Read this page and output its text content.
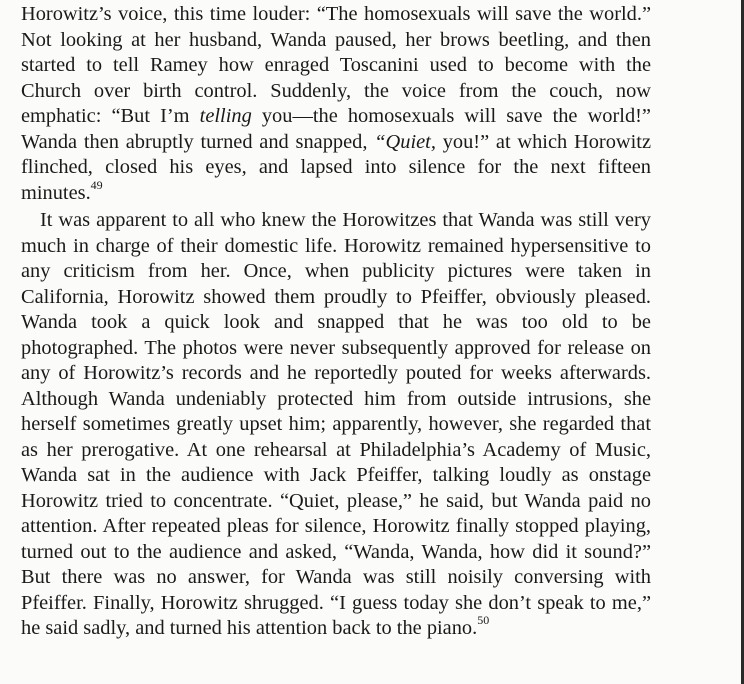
Horowitz’s voice, this time louder: “The homosexuals will save the world.” Not looking at her husband, Wanda paused, her brows beetling, and then started to tell Ramey how enraged Toscanini used to become with the Church over birth control. Suddenly, the voice from the couch, now emphatic: “But I’m telling you—the homosexuals will save the world!” Wanda then abruptly turned and snapped, “Quiet, you!” at which Horowitz flinched, closed his eyes, and lapsed into silence for the next fifteen minutes.$^{49}$

It was apparent to all who knew the Horowitzes that Wanda was still very much in charge of their domestic life. Horowitz remained hypersensitive to any criticism from her. Once, when publicity pictures were taken in California, Horowitz showed them proudly to Pfeiffer, obviously pleased. Wanda took a quick look and snapped that he was too old to be photographed. The photos were never subsequently approved for release on any of Horowitz’s records and he reportedly pouted for weeks afterwards. Although Wanda undeniably protected him from outside intrusions, she herself sometimes greatly upset him; apparently, however, she regarded that as her prerogative. At one rehearsal at Philadelphia’s Academy of Music, Wanda sat in the audience with Jack Pfeiffer, talking loudly as onstage Horowitz tried to concentrate. “Quiet, please,” he said, but Wanda paid no attention. After repeated pleas for silence, Horowitz finally stopped playing, turned out to the audience and asked, “Wanda, Wanda, how did it sound?” But there was no answer, for Wanda was still noisily conversing with Pfeiffer. Finally, Horowitz shrugged. “I guess today she don’t speak to me,” he said sadly, and turned his attention back to the piano.$^{50}$
